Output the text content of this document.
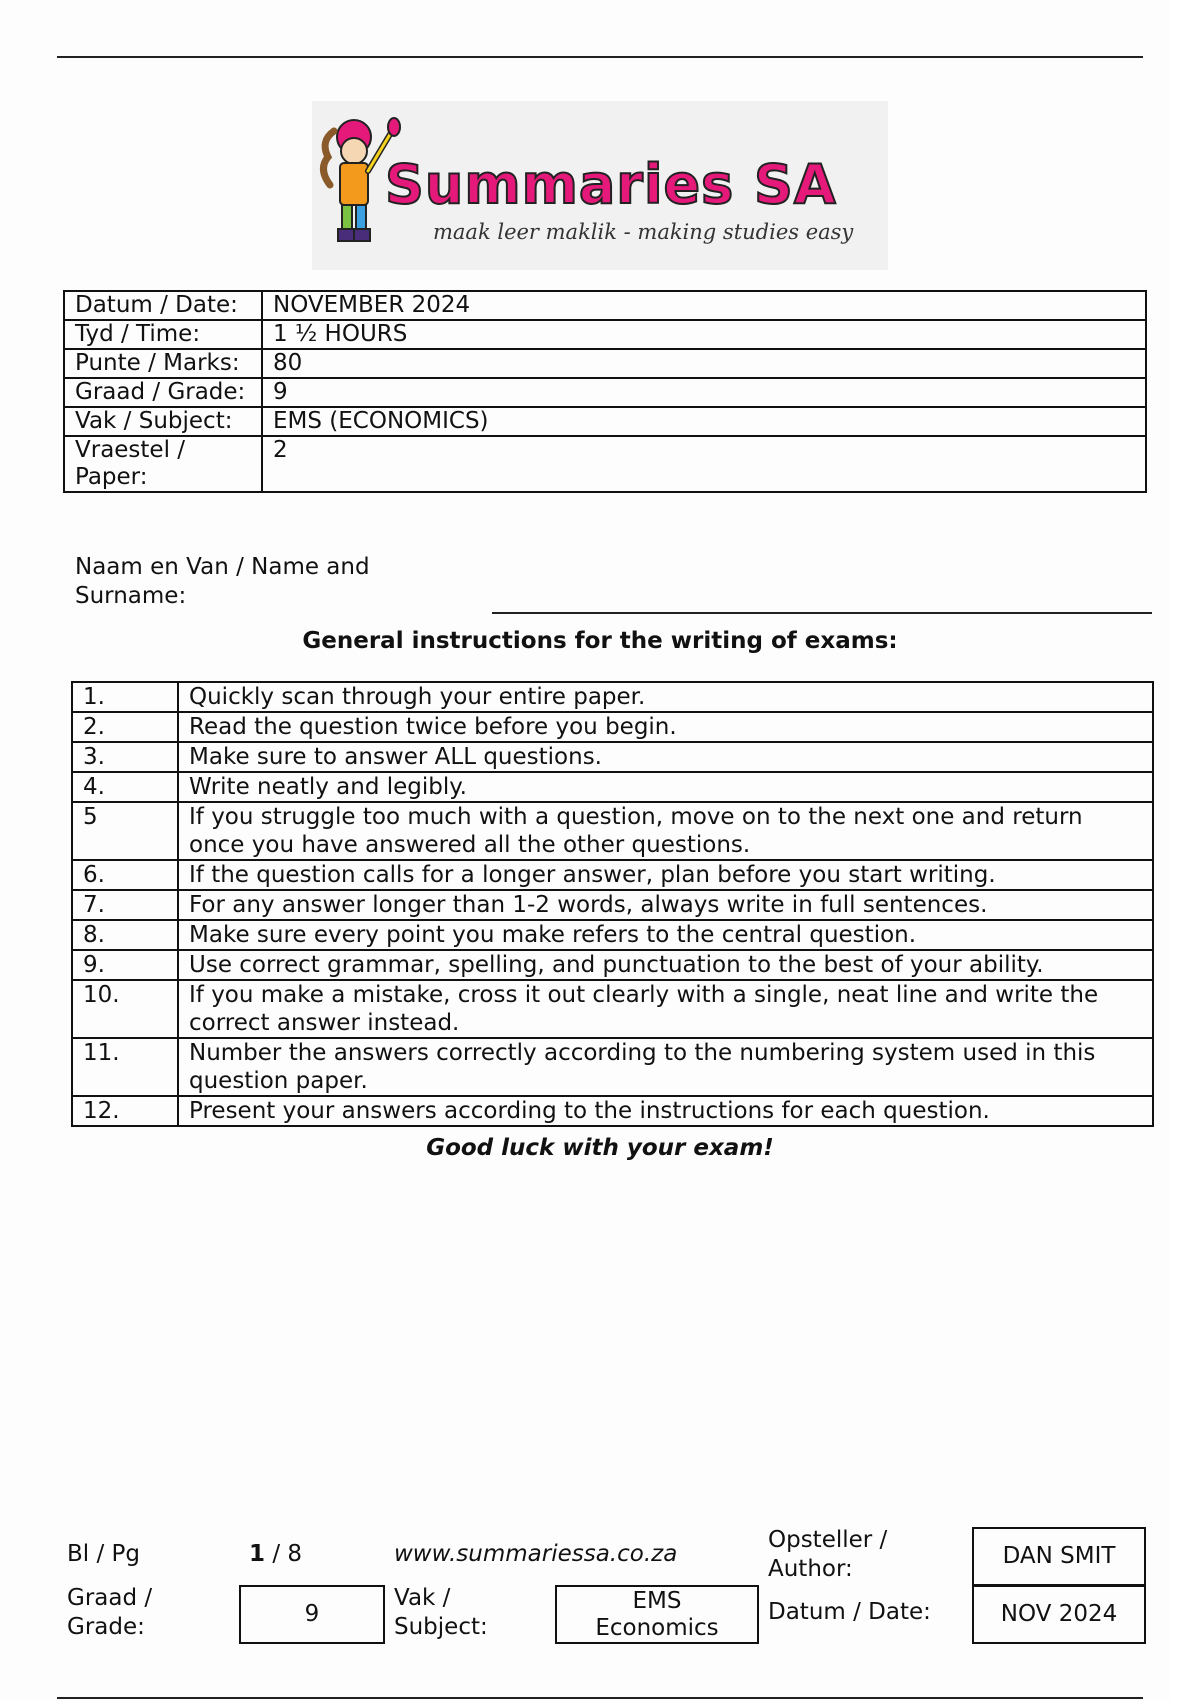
Summaries SA
maak leer maklik - making studies easy
Datum / Date:	NOVEMBER 2024
Tyd / Time:	1 ½ HOURS
Punte / Marks:	80
Graad / Grade:	9
Vak / Subject:	EMS (ECONOMICS)
Vraestel / Paper:	2
Naam en Van / Name and Surname:
General instructions for the writing of exams:
1.	Quickly scan through your entire paper.
2.	Read the question twice before you begin.
3.	Make sure to answer ALL questions.
4.	Write neatly and legibly.
5	If you struggle too much with a question, move on to the next one and return once you have answered all the other questions.
6.	If the question calls for a longer answer, plan before you start writing.
7.	For any answer longer than 1-2 words, always write in full sentences.
8.	Make sure every point you make refers to the central question.
9.	Use correct grammar, spelling, and punctuation to the best of your ability.
10.	If you make a mistake, cross it out clearly with a single, neat line and write the correct answer instead.
11.	Number the answers correctly according to the numbering system used in this question paper.
12.	Present your answers according to the instructions for each question.
Good luck with your exam!
Bl / Pg	1 / 8	www.summariessa.co.za
Opsteller / Author:	DAN SMIT
Graad / Grade:	9
Vak / Subject:
EMS Economics
Datum / Date:	NOV 2024
